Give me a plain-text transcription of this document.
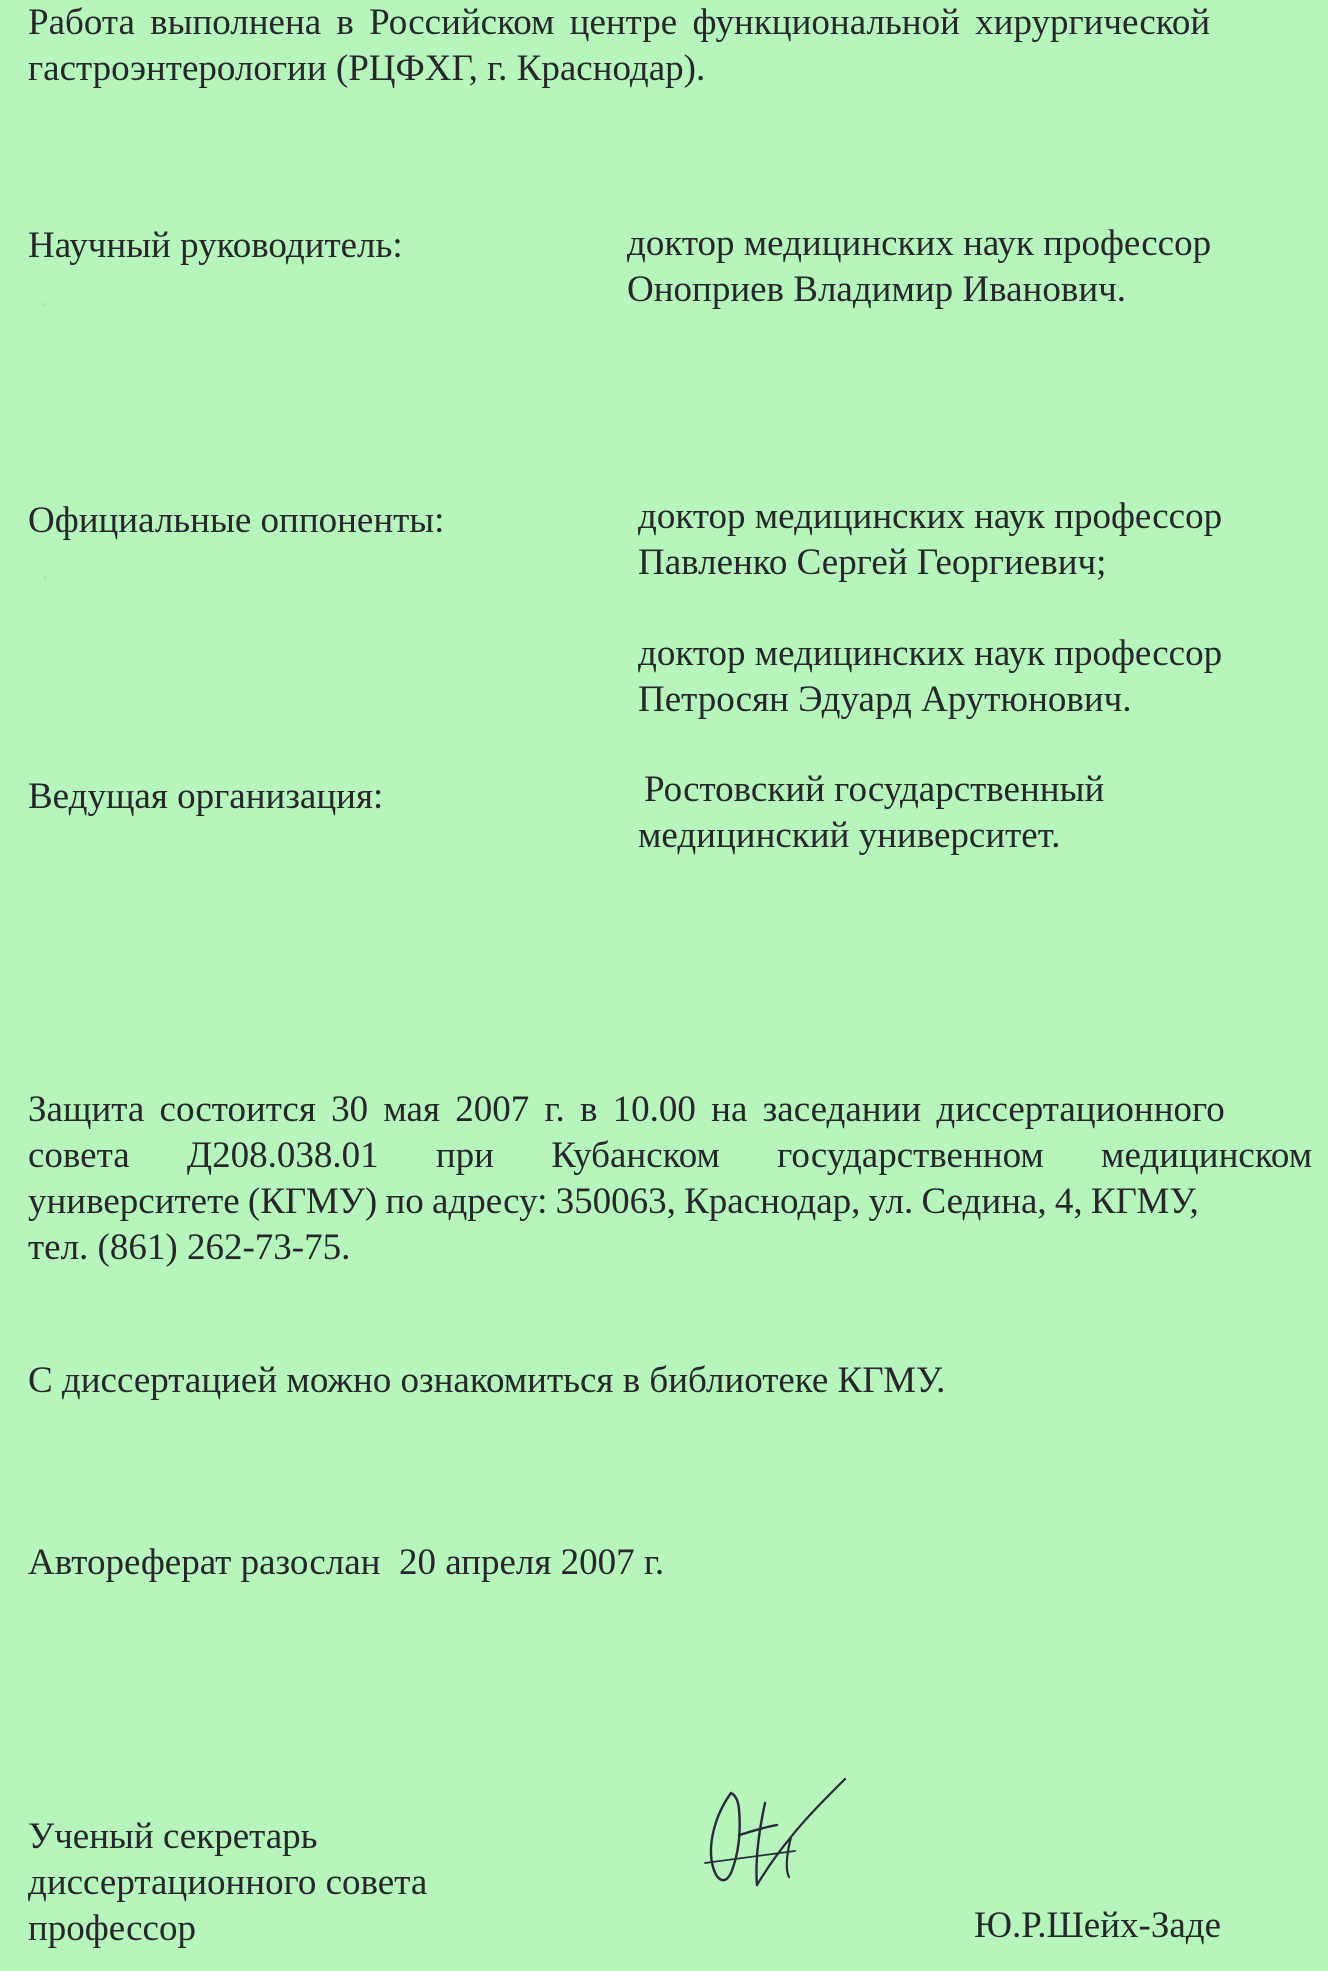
·
·

Работа выполнена в Российском центре функциональной хирургической
гастроэнтерологии (РЦФХГ, г. Краснодар).

Научный руководитель:	доктор медицинских наук профессор
Оноприев Владимир Иванович.
Официальные оппоненты:	доктор медицинских наук профессор
Павленко Сергей Георгиевич;
доктор медицинских наук профессор
Петросян Эдуард Арутюнович.
Ведущая организация:	Ростовский государственный
медицинский университет.

Защита состоится 30 мая 2007 г. в 10.00 на заседании диссертационного
совета Д208.038.01 при Кубанском государственном медицинском
университете (КГМУ) по адресу: 350063, Краснодар, ул. Седина, 4, КГМУ,
тел. (861) 262-73-75.

С диссертацией можно ознакомиться в библиотеке КГМУ.
Автореферат разослан  20 апреля 2007 г.
Ученый секретарь
диссертационного совета
профессор	Ю.Р.Шейх-Заде
